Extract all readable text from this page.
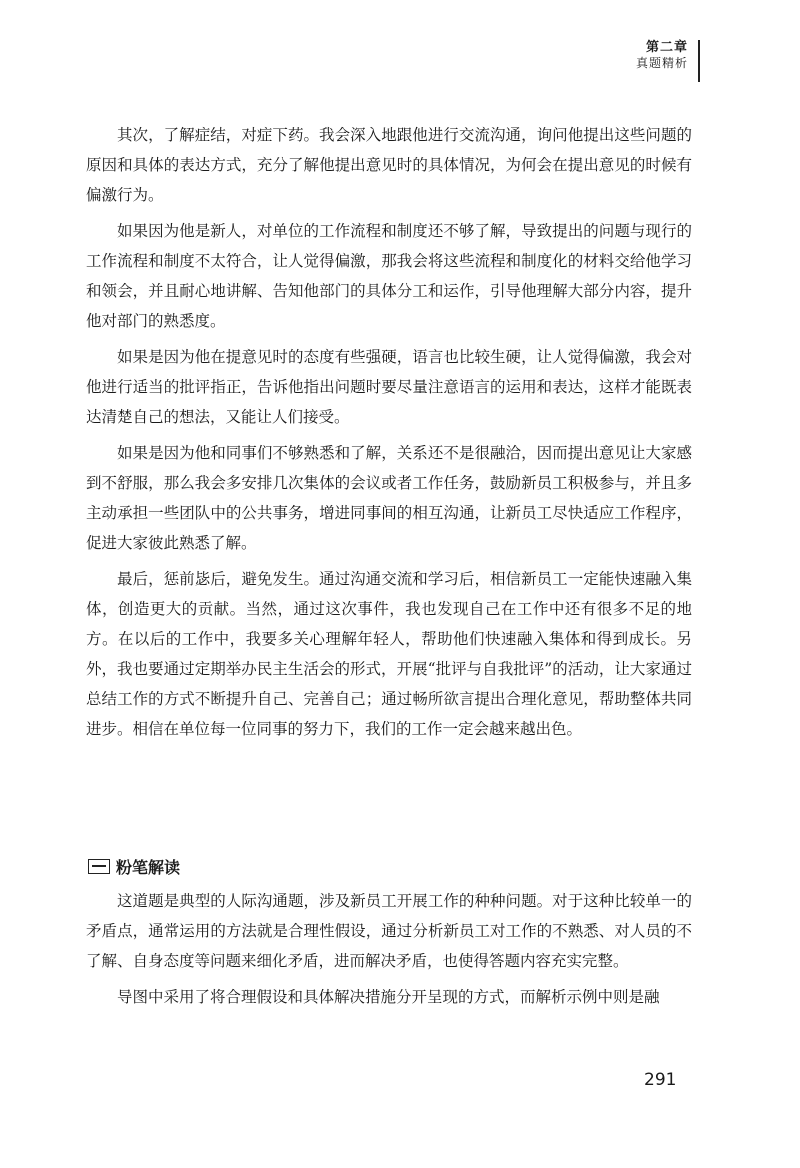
第二章
真题精析

其次，了解症结，对症下药。我会深入地跟他进行交流沟通，询问他提出这些问题的原因和具体的表达方式，充分了解他提出意见时的具体情况，为何会在提出意见的时候有偏激行为。

如果因为他是新人，对单位的工作流程和制度还不够了解，导致提出的问题与现行的工作流程和制度不太符合，让人觉得偏激，那我会将这些流程和制度化的材料交给他学习和领会，并且耐心地讲解、告知他部门的具体分工和运作，引导他理解大部分内容，提升他对部门的熟悉度。

如果是因为他在提意见时的态度有些强硬，语言也比较生硬，让人觉得偏激，我会对他进行适当的批评指正，告诉他指出问题时要尽量注意语言的运用和表达，这样才能既表达清楚自己的想法，又能让人们接受。

如果是因为他和同事们不够熟悉和了解，关系还不是很融洽，因而提出意见让大家感到不舒服，那么我会多安排几次集体的会议或者工作任务，鼓励新员工积极参与，并且多主动承担一些团队中的公共事务，增进同事间的相互沟通，让新员工尽快适应工作程序，促进大家彼此熟悉了解。

最后，惩前毖后，避免发生。通过沟通交流和学习后，相信新员工一定能快速融入集体，创造更大的贡献。当然，通过这次事件，我也发现自己在工作中还有很多不足的地方。在以后的工作中，我要多关心理解年轻人，帮助他们快速融入集体和得到成长。另外，我也要通过定期举办民主生活会的形式，开展“批评与自我批评”的活动，让大家通过总结工作的方式不断提升自己、完善自己；通过畅所欲言提出合理化意见，帮助整体共同进步。相信在单位每一位同事的努力下，我们的工作一定会越来越出色。

粉笔解读

这道题是典型的人际沟通题，涉及新员工开展工作的种种问题。对于这种比较单一的矛盾点，通常运用的方法就是合理性假设，通过分析新员工对工作的不熟悉、对人员的不了解、自身态度等问题来细化矛盾，进而解决矛盾，也使得答题内容充实完整。

导图中采用了将合理假设和具体解决措施分开呈现的方式，而解析示例中则是融

291
